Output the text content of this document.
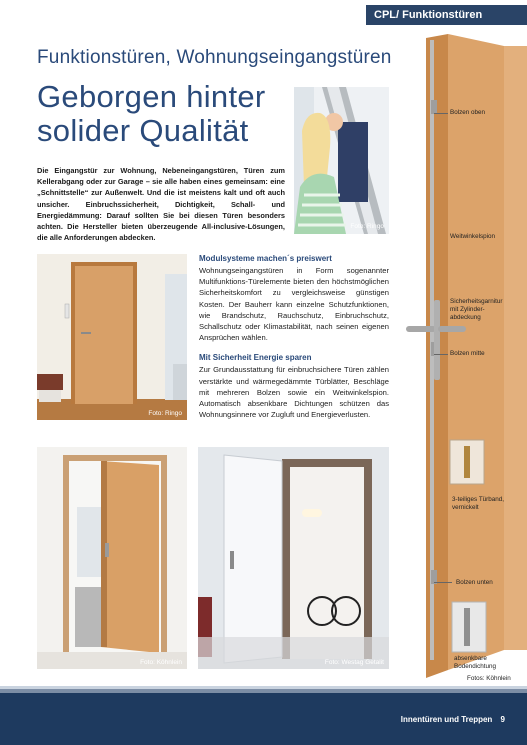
CPL/ Funktionstüren
Funktionstüren, Wohnungseingangstüren
Geborgen hinter
solider Qualität
Die Eingangstür zur Wohnung, Nebeneingangstüren, Türen zum Kellerabgang oder zur Garage – sie alle haben eines gemeinsam: eine „Schnittstelle“ zur Außenwelt. Und die ist meistens kalt und oft auch unsicher. Einbruchssicherheit, Dichtigkeit, Schall- und Energiedämmung: Darauf sollten Sie bei diesen Türen besonders achten. Die Hersteller bieten überzeugende All-inclusive-Lösungen, die alle Anforderungen abdecken.
Foto: Ringo
Foto: Ringo
Modulsysteme machen´s preiswert
Wohnungseingangstüren in Form sogenannter Multifunktions-Türelemente bieten den höchstmöglichen Sicherheitskomfort zu vergleichsweise günstigen Kosten. Der Bauherr kann einzelne Schutzfunktionen, wie Brandschutz, Rauchschutz, Einbruchschutz, Schallschutz oder Klimastabilität, nach seinen eigenen Ansprüchen wählen.
Mit Sicherheit Energie sparen
Zur Grundausstattung für einbruchsichere Türen zählen verstärkte und wärmegedämmte Türblätter, Beschläge mit mehreren Bolzen sowie ein Weitwinkelspion. Automatisch absenkbare Dichtungen schützen das Wohnungsinnere vor Zugluft und Energieverlusten.
Foto: Köhnlein	Foto: Westag Getalit
Bolzen oben
Weitwinkelspion
Sicherheitsgarnitur mit Zylinder-abdeckung
Bolzen mitte
3-teiliges Türband, vernickelt
Bolzen unten
absenkbare Bodendichtung
Fotos: Köhnlein
Innentüren und Treppen 9
